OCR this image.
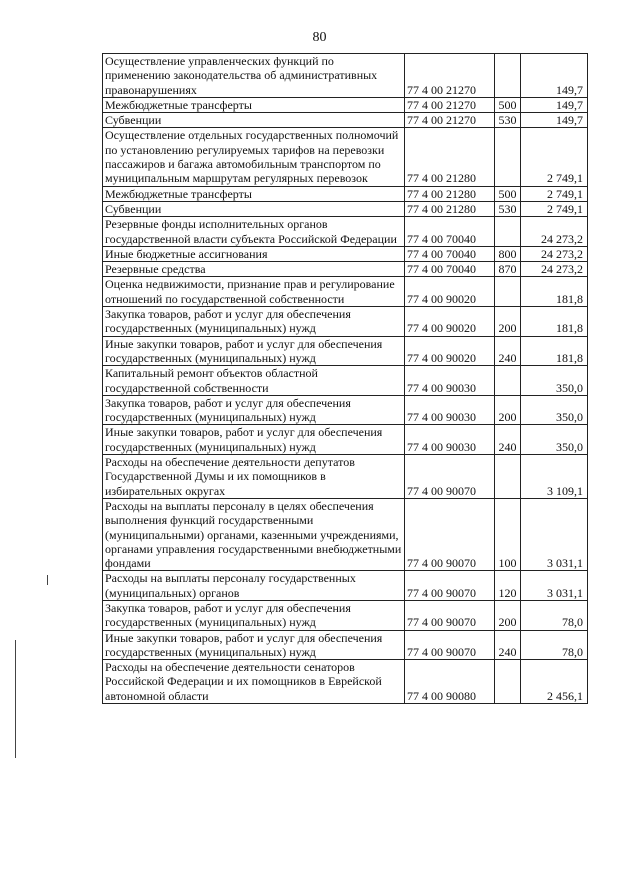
80
Осуществление управленческих функций по применению законодательства об административных правонарушениях	77 4 00 21270		149,7
Межбюджетные трансферты	77 4 00 21270	500	149,7
Субвенции	77 4 00 21270	530	149,7
Осуществление отдельных государственных полномочий по установлению регулируемых тарифов на перевозки пассажиров и багажа автомобильным транспортом по муниципальным маршрутам регулярных перевозок	77 4 00 21280		2 749,1
Межбюджетные трансферты	77 4 00 21280	500	2 749,1
Субвенции	77 4 00 21280	530	2 749,1
Резервные фонды исполнительных органов государственной власти субъекта Российской Федерации	77 4 00 70040		24 273,2
Иные бюджетные ассигнования	77 4 00 70040	800	24 273,2
Резервные средства	77 4 00 70040	870	24 273,2
Оценка недвижимости, признание прав и регулирование отношений по государственной собственности	77 4 00 90020		181,8
Закупка товаров, работ и услуг для обеспечения государственных (муниципальных) нужд	77 4 00 90020	200	181,8
Иные закупки товаров, работ и услуг для обеспечения государственных (муниципальных) нужд	77 4 00 90020	240	181,8
Капитальный ремонт объектов областной государственной собственности	77 4 00 90030		350,0
Закупка товаров, работ и услуг для обеспечения государственных (муниципальных) нужд	77 4 00 90030	200	350,0
Иные закупки товаров, работ и услуг для обеспечения государственных (муниципальных) нужд	77 4 00 90030	240	350,0
Расходы на обеспечение деятельности депутатов Государственной Думы и их помощников в избирательных округах	77 4 00 90070		3 109,1
Расходы на выплаты персоналу в целях обеспечения выполнения функций государственными (муниципальными) органами, казенными учреждениями, органами управления государственными внебюджетными фондами	77 4 00 90070	100	3 031,1
Расходы на выплаты персоналу государственных (муниципальных) органов	77 4 00 90070	120	3 031,1
Закупка товаров, работ и услуг для обеспечения государственных (муниципальных) нужд	77 4 00 90070	200	78,0
Иные закупки товаров, работ и услуг для обеспечения государственных (муниципальных) нужд	77 4 00 90070	240	78,0
Расходы на обеспечение деятельности сенаторов Российской Федерации и их помощников в Еврейской автономной области	77 4 00 90080		2 456,1
